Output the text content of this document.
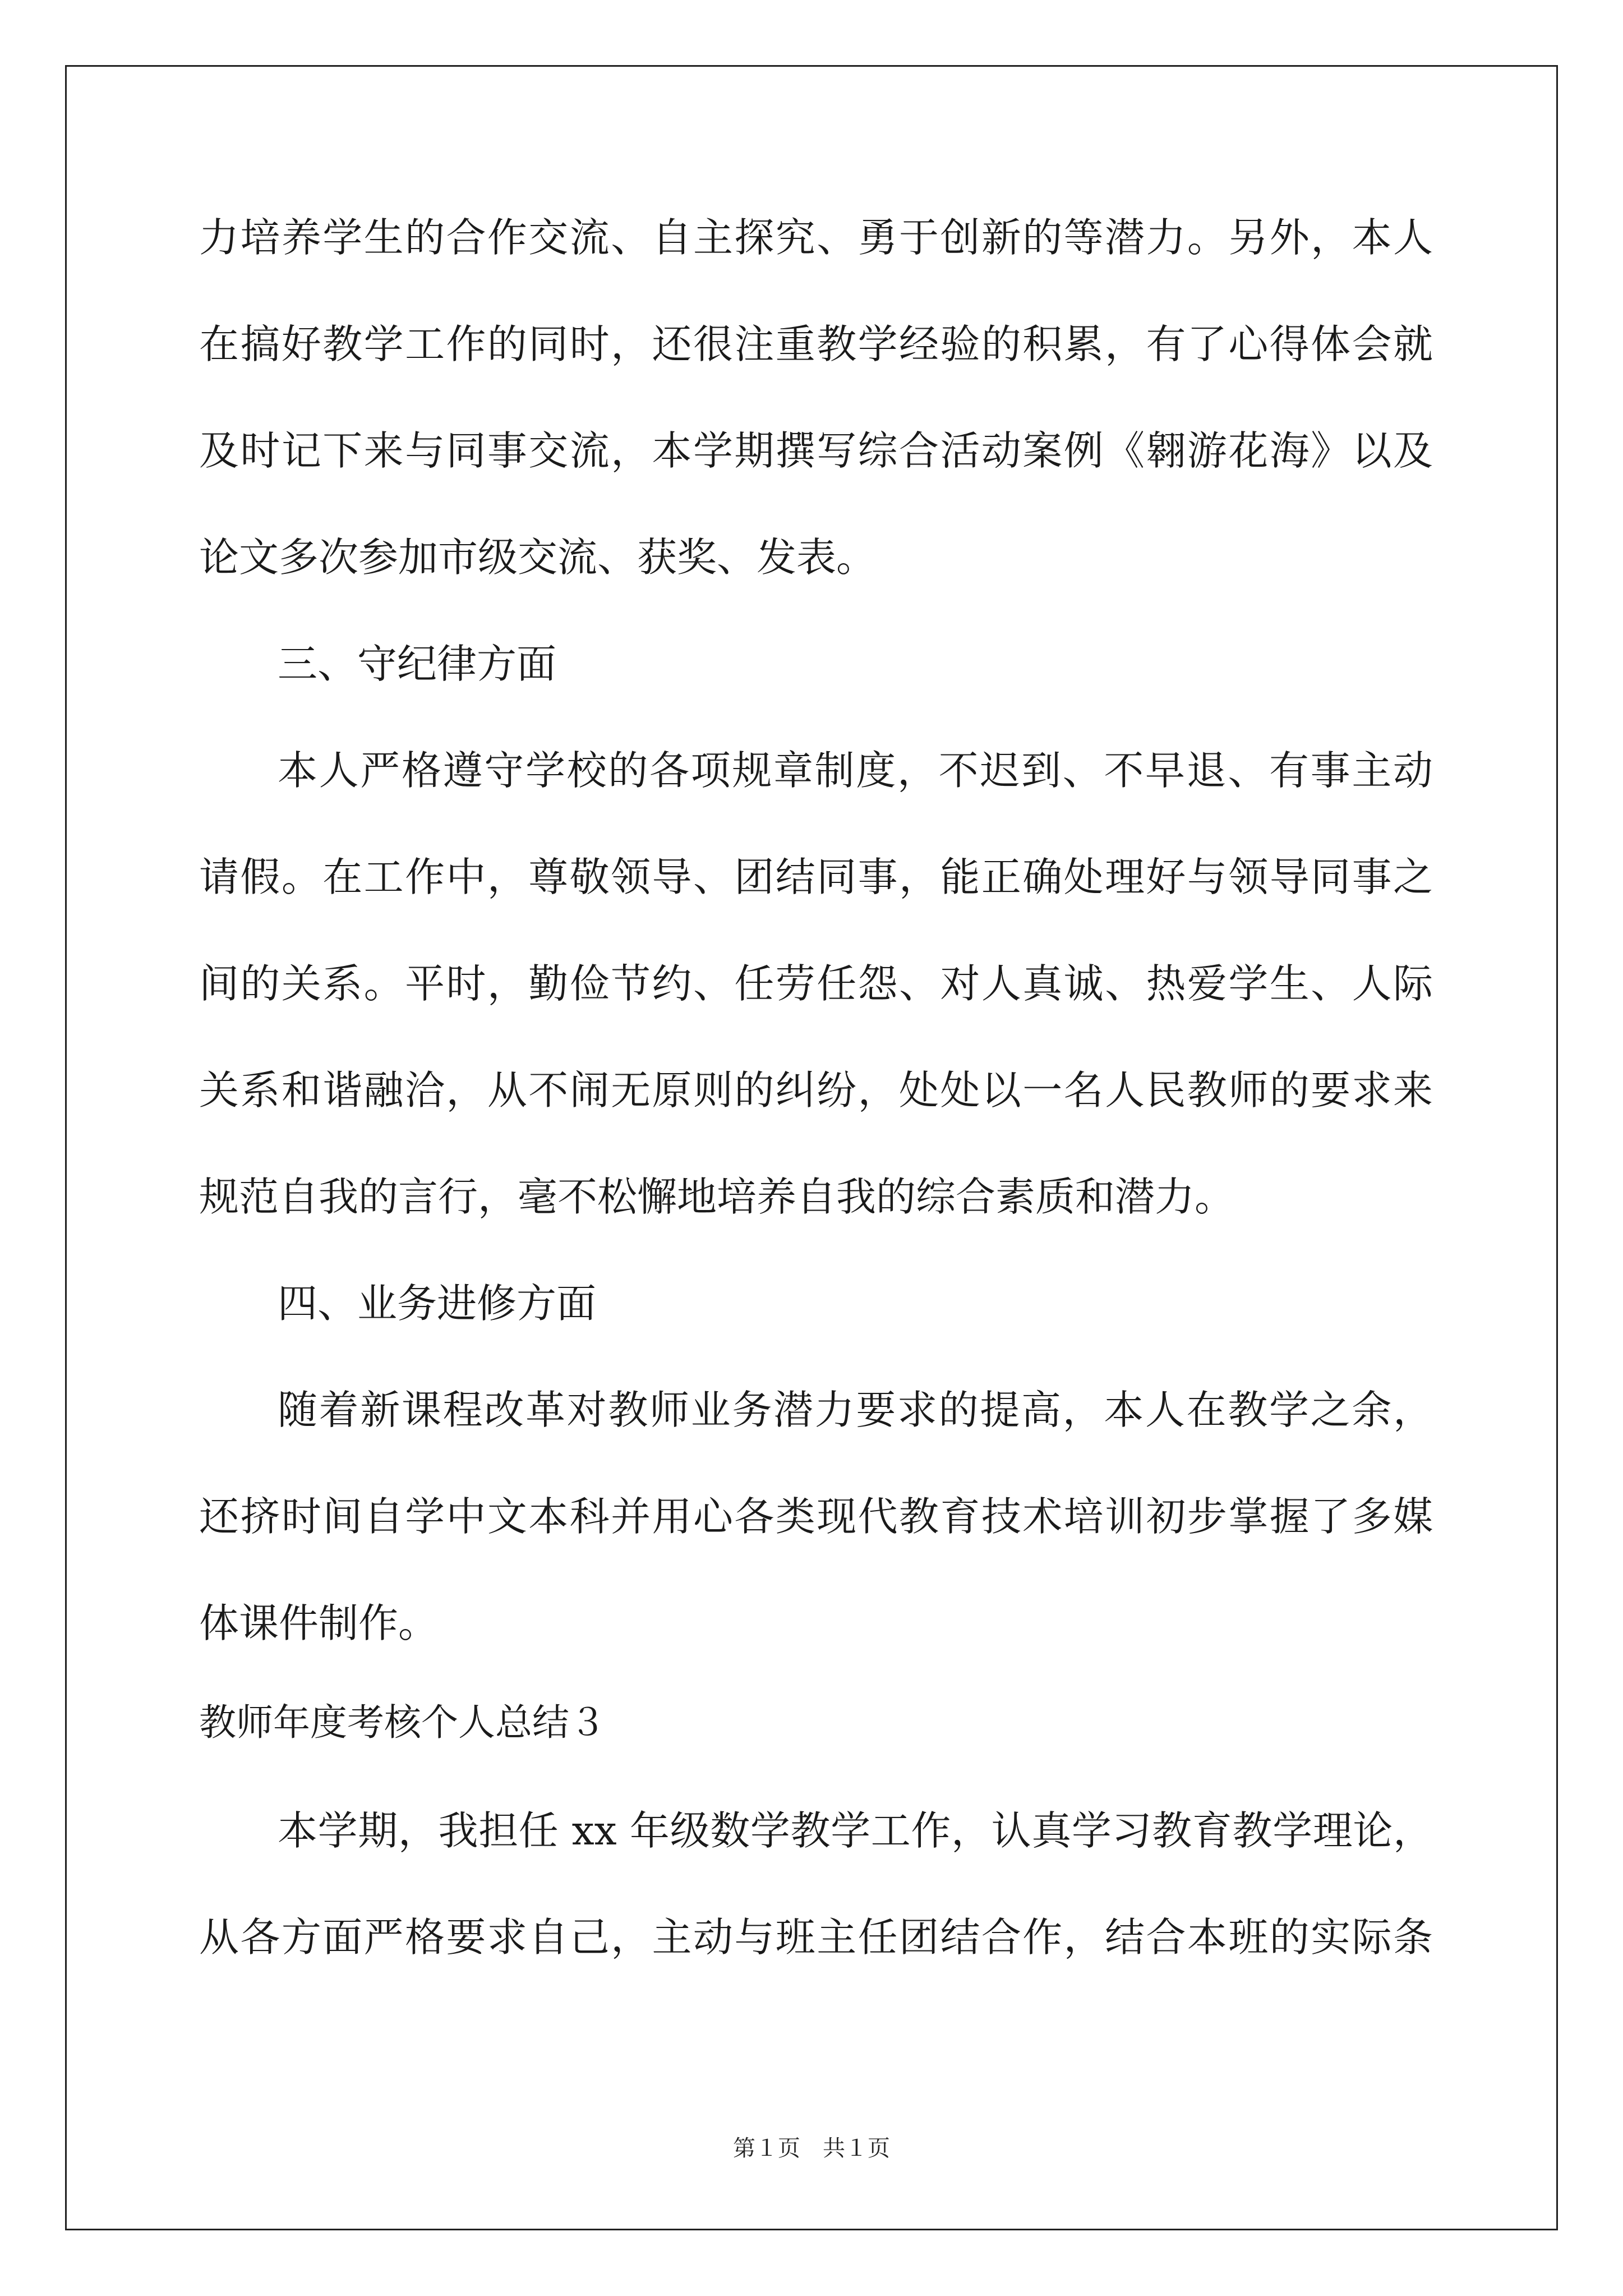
力培养学生的合作交流、自主探究、勇于创新的等潜力。另外，本人
在搞好教学工作的同时，还很注重教学经验的积累，有了心得体会就
及时记下来与同事交流，本学期撰写综合活动案例《翱游花海》以及
论文多次参加市级交流、获奖、发表。
三、守纪律方面
本人严格遵守学校的各项规章制度，不迟到、不早退、有事主动
请假。在工作中，尊敬领导、团结同事，能正确处理好与领导同事之
间的关系。平时，勤俭节约、任劳任怨、对人真诚、热爱学生、人际
关系和谐融洽，从不闹无原则的纠纷，处处以一名人民教师的要求来
规范自我的言行，毫不松懈地培养自我的综合素质和潜力。
四、业务进修方面
随着新课程改革对教师业务潜力要求的提高，本人在教学之余，
还挤时间自学中文本科并用心各类现代教育技术培训初步掌握了多媒
体课件制作。
教师年度考核个人总结３
本学期，我担任 xx 年级数学教学工作，认真学习教育教学理论，
从各方面严格要求自己，主动与班主任团结合作，结合本班的实际条
第１页　共１页
